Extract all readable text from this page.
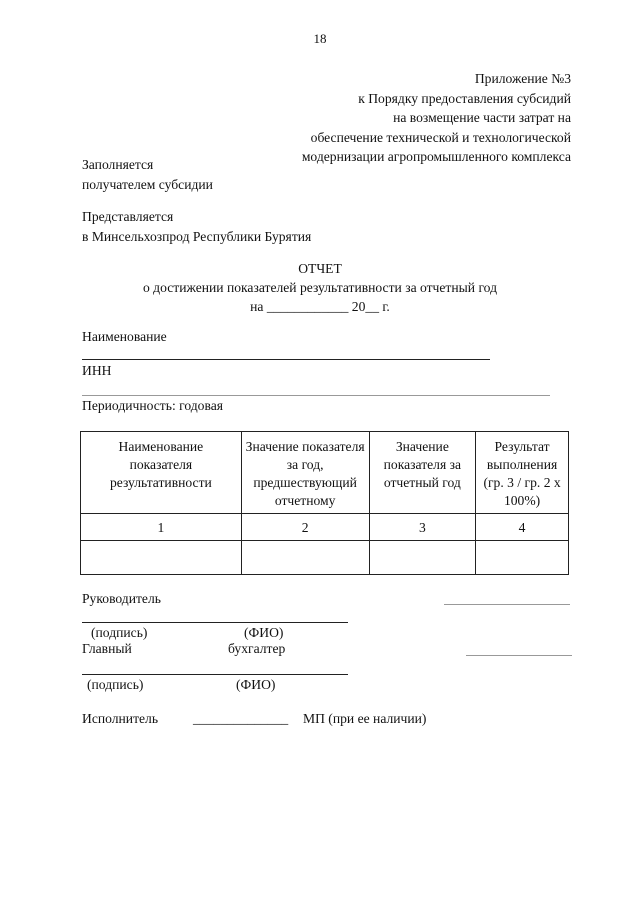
18
Приложение №3
к Порядку предоставления субсидий
на возмещение части затрат на
обеспечение технической и технологической
модернизации агропромышленного комплекса
Заполняется
получателем субсидии
Представляется
в Минсельхозпрод Республики Бурятия
ОТЧЕТ
о достижении показателей результативности за отчетный год
на ____________ 20__ г.
Наименование
ИНН
Периодичность: годовая
Наименование показателя результативности	Значение показателя за год, предшествующий отчетному	Значение показателя за отчетный год	Результат выполнения (гр. 3 / гр. 2 х 100%)
1	2	3	4

Руководитель
(подпись)	(ФИО)
Главный	бухгалтер
(подпись)	(ФИО)
Исполнитель	______________ МП (при ее наличии)
